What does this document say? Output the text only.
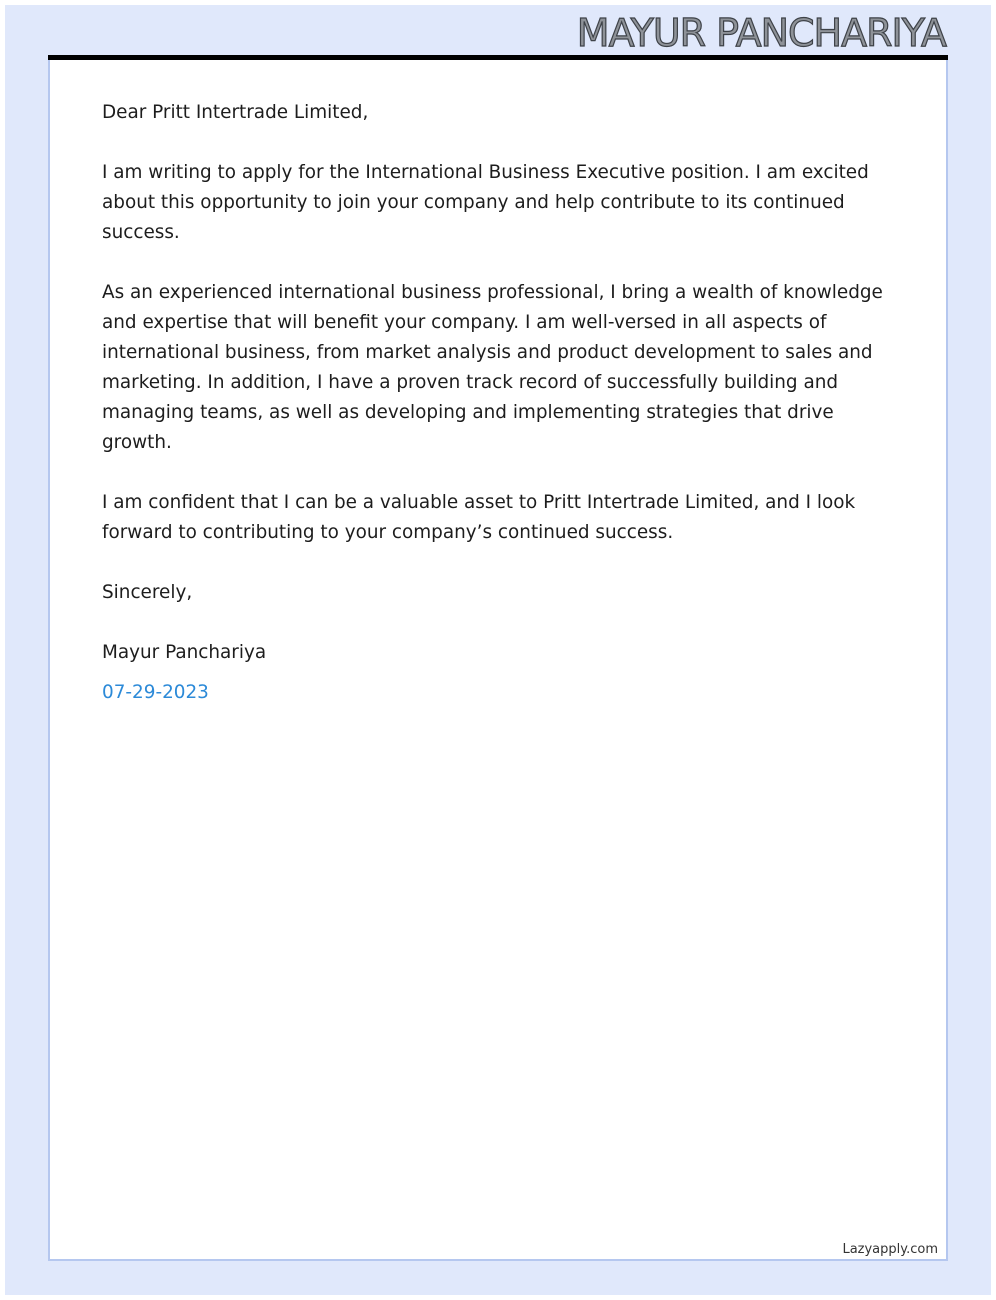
MAYUR PANCHARIYA

Dear Pritt Intertrade Limited,

I am writing to apply for the International Business Executive position. I am excited about this opportunity to join your company and help contribute to its continued success.

As an experienced international business professional, I bring a wealth of knowledge and expertise that will benefit your company. I am well-versed in all aspects of international business, from market analysis and product development to sales and marketing. In addition, I have a proven track record of successfully building and managing teams, as well as developing and implementing strategies that drive growth.

I am confident that I can be a valuable asset to Pritt Intertrade Limited, and I look forward to contributing to your company’s continued success.

Sincerely,

Mayur Panchariya

07-29-2023

Lazyapply.com
